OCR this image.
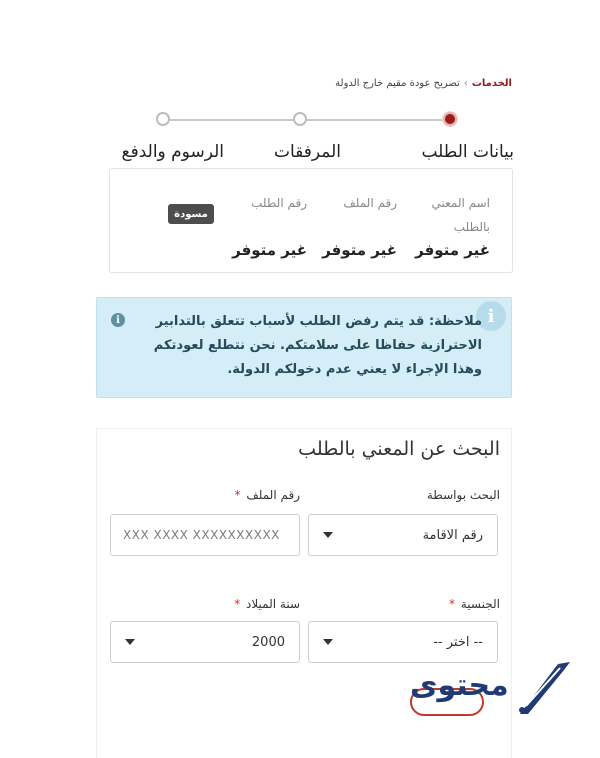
الخدمات
›
تصريح عودة مقيم خارج الدولة
بيانات الطلب
المرفقات
الرسوم والدفع
اسم المعني
بالطلب
غير متوفر
رقم الملف
غير متوفر
رقم الطلب
غير متوفر
مسودة
i
i	ملاحظة: قد يتم رفض الطلب لأسباب تتعلق بالتدابير الاحترازية حفاظا على سلامتكم. نحن نتطلع لعودتكم وهذا الإجراء لا يعني عدم دخولكم الدولة.
البحث عن المعني بالطلب
البحث بواسطة
رقم الملف *
رقم الاقامة
XXX XXXX XXXXXXXXXX
الجنسية *
سنة الميلاد *
-- اختر --
2000
محتوى
